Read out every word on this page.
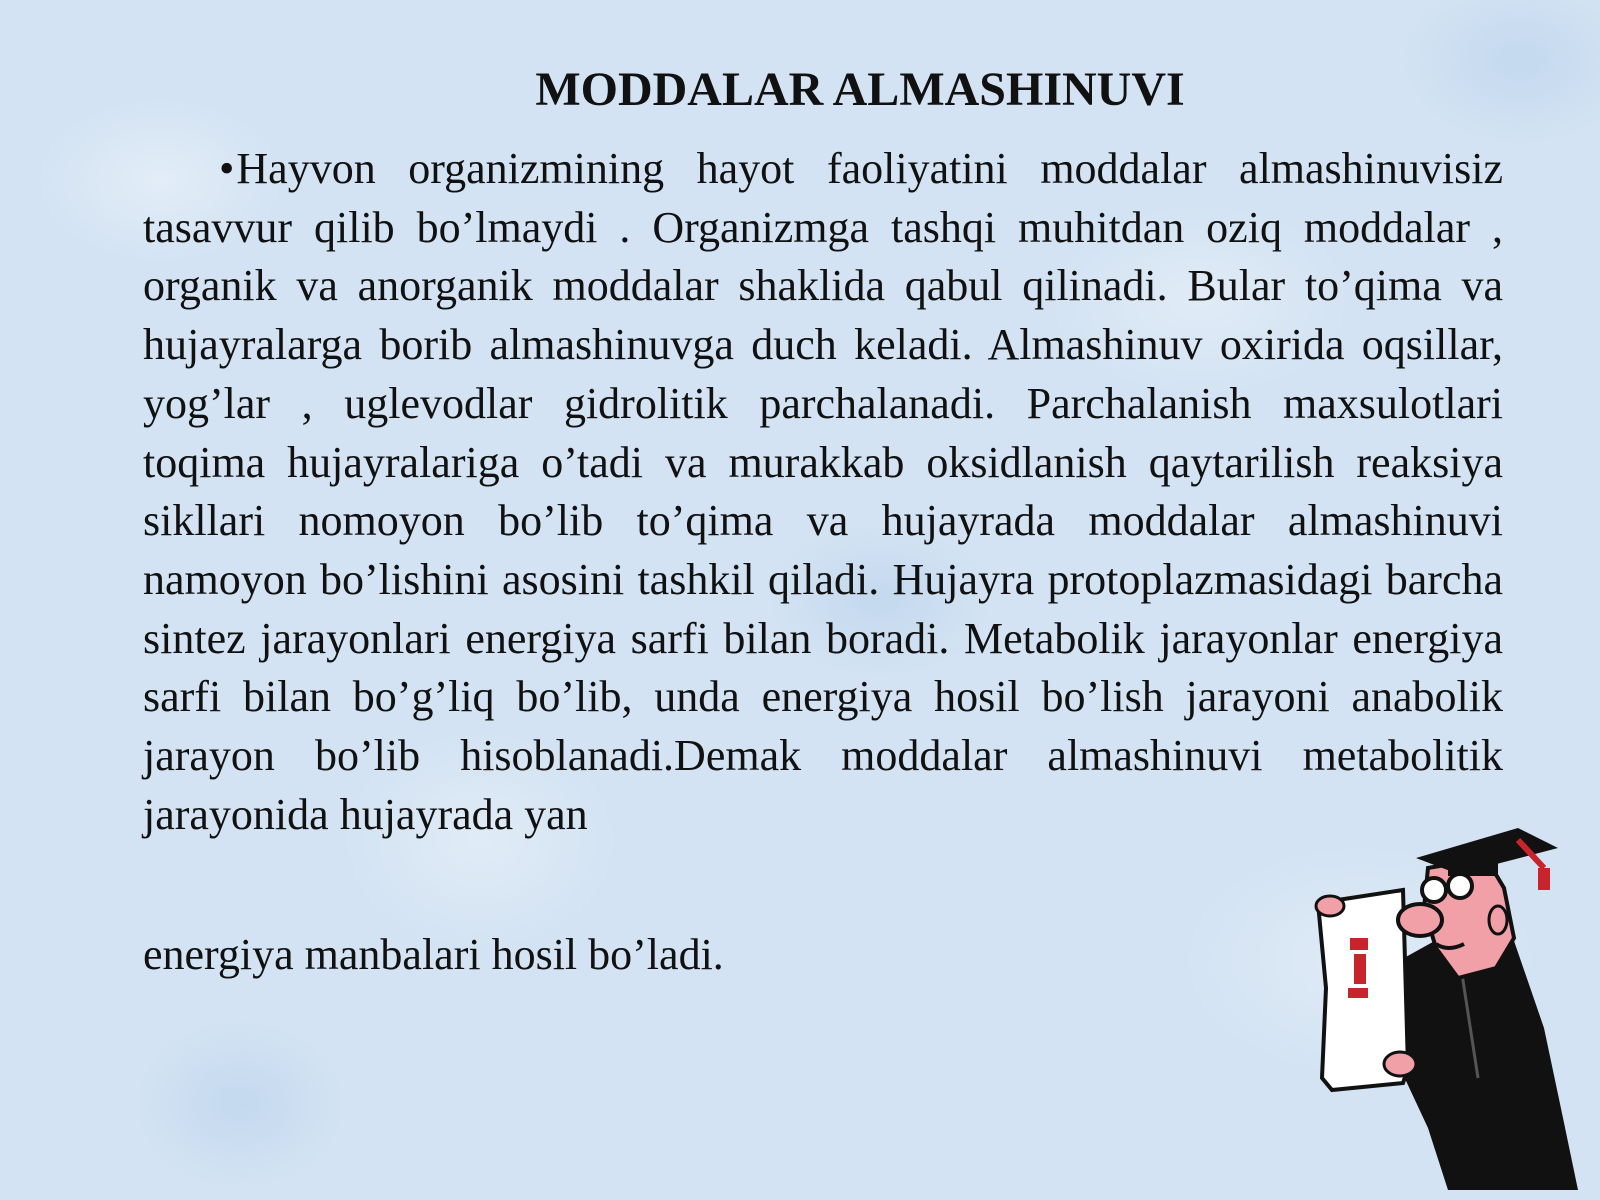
MODDALAR ALMASHINUVI

•Hayvon organizmining hayot faoliyatini moddalar almashinuvisiz tasavvur qilib bo’lmaydi . Organizmga tashqi muhitdan oziq moddalar , organik va anorganik moddalar shaklida qabul qilinadi. Bular to’qima va hujayralarga borib almashinuvga duch keladi. Almashinuv oxirida oqsillar, yog’lar , uglevodlar gidrolitik parchalanadi. Parchalanish maxsulotlari toqima hujayralariga o’tadi va murakkab oksidlanish qaytarilish reaksiya sikllari nomoyon bo’lib to’qima va hujayrada moddalar almashinuvi namoyon bo’lishini asosini tashkil qiladi. Hujayra protoplazmasidagi barcha sintez jarayonlari energiya sarfi bilan boradi. Metabolik jarayonlar energiya sarfi bilan bo’g’liq bo’lib, unda energiya hosil bo’lish jarayoni anabolik jarayon bo’lib hisoblanadi.Demak moddalar almashinuvi metabolitik jarayonida hujayrada yan

energiya manbalari hosil bo’ladi.
